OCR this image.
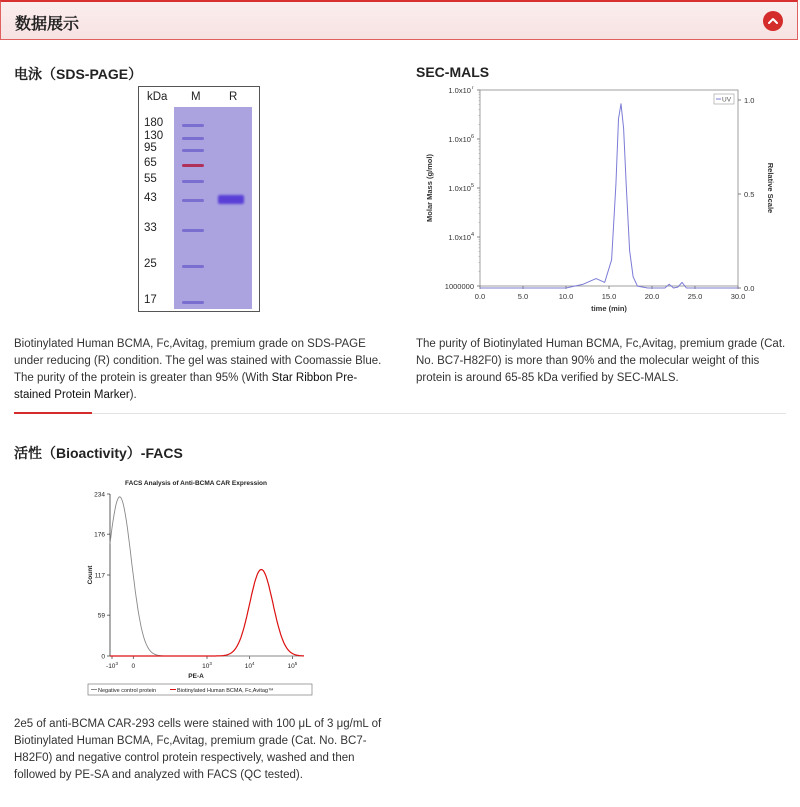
数据展示
电泳（SDS-PAGE）
kDa M R
180
130
95
65
55
43
33
25
17
Biotinylated Human BCMA, Fc,Avitag, premium grade on SDS-PAGE under reducing (R) condition. The gel was stained with Coomassie Blue. The purity of the protein is greater than 95% (With Star Ribbon Pre-stained Protein Marker).
SEC-MALS
0.0	5.0	10.0	15.0	20.0	25.0	30.0
time (min)
1000000
$1.0x10^4$
$1.0x10^5$
$1.0x10^6$
$1.0x10^7$
Molar Mass (g/mol)
0.0
0.5
1.0
Relative Scale
UV
The purity of Biotinylated Human BCMA, Fc,Avitag, premium grade (Cat. No. BC7-H82F0) is more than 90% and the molecular weight of this protein is around 65-85 kDa verified by SEC-MALS.
活性（Bioactivity）-FACS
FACS Analysis of Anti-BCMA CAR Expression
0
59
117
176
234
Count
$-10^3$ 0	$10^3$	$10^4$	$10^5$
PE-A
Negative control protein	Biotinylated Human BCMA, Fc,Avitag™
2e5 of anti-BCMA CAR-293 cells were stained with 100 μL of 3 μg/mL of Biotinylated Human BCMA, Fc,Avitag, premium grade (Cat. No. BC7-H82F0) and negative control protein respectively, washed and then followed by PE-SA and analyzed with FACS (QC tested).
